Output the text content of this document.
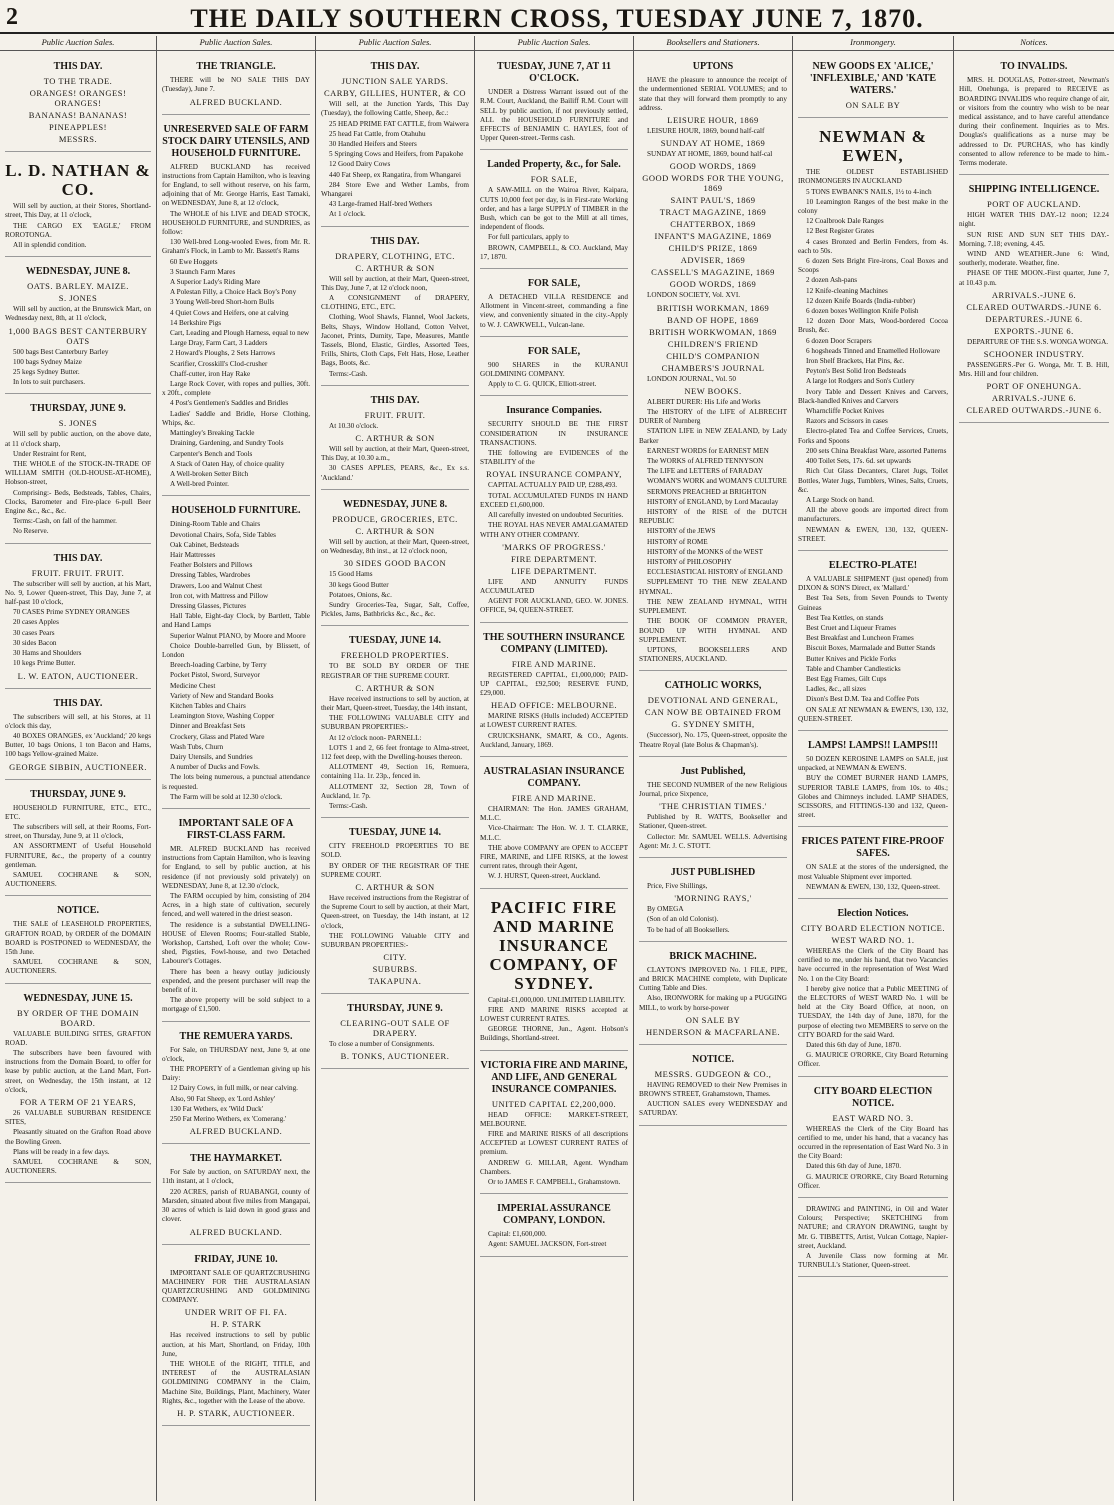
2	THE DAILY SOUTHERN CROSS, TUESDAY JUNE 7, 1870.
Public Auction Sales.
THIS DAY.
TO THE TRADE.
ORANGES! ORANGES! ORANGES!
BANANAS! BANANAS!
PINEAPPLES!
MESSRS.
L. D. NATHAN & CO.
Will sell by auction, at their Stores, Shortland-street, This Day, at 11 o'clock,
THE CARGO EX 'EAGLE,' FROM ROROTONGA.
All in splendid condition.
WEDNESDAY, JUNE 8.
OATS. BARLEY. MAIZE.
S. JONES
Will sell by auction, at the Brunswick Mart, on Wednesday next, 8th, at 11 o'clock,
1,000 BAGS BEST CANTERBURY OATS
500 bags Best Canterbury Barley
100 bags Sydney Maize
25 kegs Sydney Butter.
In lots to suit purchasers.
THURSDAY, JUNE 9.
S. JONES
Will sell by public auction, on the above date, at 11 o'clock sharp,
Under Restraint for Rent,
THE WHOLE of the STOCK-IN-TRADE OF WILLIAM SMITH (OLD-HOUSE-AT-HOME), Hobson-street,
Comprising:- Beds, Bedsteads, Tables, Chairs, Clocks, Barometer and Fire-place 6-pull Beer Engine &c., &c., &c.
Terms:-Cash, on fall of the hammer.
No Reserve.
THIS DAY.
FRUIT. FRUIT. FRUIT.
The subscriber will sell by auction, at his Mart, No. 9, Lower Queen-street, This Day, June 7, at half-past 10 o'clock,
70 CASES Prime SYDNEY ORANGES
20 cases Apples
30 cases Pears
30 sides Bacon
30 Hams and Shoulders
10 kegs Prime Butter.
L. W. EATON, AUCTIONEER.
THIS DAY.
The subscribers will sell, at his Stores, at 11 o'clock this day,
40 BOXES ORANGES, ex 'Auckland;' 20 kegs Butter, 10 bags Onions, 1 ton Bacon and Hams, 100 bags Yellow-grained Maize.
GEORGE SIBBIN, AUCTIONEER.
THURSDAY, JUNE 9.
HOUSEHOLD FURNITURE, ETC., ETC., ETC.
The subscribers will sell, at their Rooms, Fort-street, on Thursday, June 9, at 11 o'clock,
AN ASSORTMENT of Useful Household FURNITURE, &c., the property of a country gentleman.
SAMUEL COCHRANE & SON, AUCTIONEERS.
NOTICE.
THE SALE of LEASEHOLD PROPERTIES, GRAFTON ROAD, by ORDER of the DOMAIN BOARD is POSTPONED to WEDNESDAY, the 15th June.
SAMUEL COCHRANE & SON, AUCTIONEERS.
WEDNESDAY, JUNE 15.
BY ORDER OF THE DOMAIN BOARD.
VALUABLE BUILDING SITES, GRAFTON ROAD.
The subscribers have been favoured with instructions from the Domain Board, to offer for lease by public auction, at the Land Mart, Fort-street, on Wednesday, the 15th instant, at 12 o'clock,
FOR A TERM OF 21 YEARS,
26 VALUABLE SUBURBAN RESIDENCE SITES,
Pleasantly situated on the Grafton Road above the Bowling Green.
Plans will be ready in a few days.
SAMUEL COCHRANE & SON, AUCTIONEERS.
Public Auction Sales.
THE TRIANGLE.
THERE will be NO SALE THIS DAY (Tuesday), June 7.
ALFRED BUCKLAND.
UNRESERVED SALE OF FARM STOCK DAIRY UTENSILS, AND HOUSEHOLD FURNITURE.
ALFRED BUCKLAND has received instructions from Captain Hamilton, who is leaving for England, to sell without reserve, on his farm, adjoining that of Mr. George Harris, East Tamaki, on WEDNESDAY, June 8, at 12 o'clock,
The WHOLE of his LIVE and DEAD STOCK, HOUSEHOLD FURNITURE, and SUNDRIES, as follow:
130 Well-bred Long-wooled Ewes, from Mr. R. Graham's Flock, in Lamb to Mr. Bassett's Rams
60 Ewe Hoggets
3 Staunch Farm Mares
A Superior Lady's Riding Mare
A Polestan Filly, a Choice Hack Boy's Pony
3 Young Well-bred Short-horn Bulls
4 Quiet Cows and Heifers, one at calving
14 Berkshire Pigs
Cart, Leading and Plough Harness, equal to new
Large Dray, Farm Cart, 3 Ladders
2 Howard's Ploughs, 2 Sets Harrows
Scarifier, Crosskill's Clod-crusher
Chaff-cutter, iron Hay Rake
Large Rock Cover, with ropes and pullies, 30ft. x 20ft., complete
4 Post's Gentlemen's Saddles and Bridles
Ladies' Saddle and Bridle, Horse Clothing, Whips, &c.
Mattingley's Breaking Tackle
Draining, Gardening, and Sundry Tools
Carpenter's Bench and Tools
A Stack of Oaten Hay, of choice quality
A Well-broken Setter Bitch
A Well-bred Pointer.
HOUSEHOLD FURNITURE.
Dining-Room Table and Chairs
Devotional Chairs, Sofa, Side Tables
Oak Cabinet, Bedsteads
Hair Mattresses
Feather Bolsters and Pillows
Dressing Tables, Wardrobes
Drawers, Loo and Walnut Chest
Iron cot, with Mattress and Pillow
Dressing Glasses, Pictures
Hall Table, Eight-day Clock, by Bartlett, Table and Hand Lamps
Superior Walnut PIANO, by Moore and Moore
Choice Double-barrelled Gun, by Blissett, of London
Breech-loading Carbine, by Terry
Pocket Pistol, Sword, Surveyor
Medicine Chest
Variety of New and Standard Books
Kitchen Tables and Chairs
Leamington Stove, Washing Copper
Dinner and Breakfast Sets
Crockery, Glass and Plated Ware
Wash Tubs, Churn
Dairy Utensils, and Sundries
A number of Ducks and Fowls.
The lots being numerous, a punctual attendance is requested.
The Farm will be sold at 12.30 o'clock.
IMPORTANT SALE OF A FIRST-CLASS FARM.
MR. ALFRED BUCKLAND has received instructions from Captain Hamilton, who is leaving for England, to sell by public auction, at his residence (if not previously sold privately) on WEDNESDAY, June 8, at 12.30 o'clock,
The FARM occupied by him, consisting of 204 Acres, in a high state of cultivation, securely fenced, and well watered in the driest season.
The residence is a substantial DWELLING-HOUSE of Eleven Rooms; Four-stalled Stable, Workshop, Cartshed, Loft over the whole; Cow-shed, Pigsties, Fowl-house, and two Detached Labourer's Cottages.
There has been a heavy outlay judiciously expended, and the present purchaser will reap the benefit of it.
The above property will be sold subject to a mortgage of £1,500.
THE REMUERA YARDS.
For Sale, on THURSDAY next, June 9, at one o'clock,
THE PROPERTY of a Gentleman giving up his Dairy:
12 Dairy Cows, in full milk, or near calving.
Also, 90 Fat Sheep, ex 'Lord Ashley'
130 Fat Wethers, ex 'Wild Duck'
250 Fat Merino Wethers, ex 'Comerang.'
ALFRED BUCKLAND.
THE HAYMARKET.
For Sale by auction, on SATURDAY next, the 11th instant, at 1 o'clock,
220 ACRES, parish of RUABANGI, county of Marsden, situated about five miles from Mangapai, 30 acres of which is laid down in good grass and clover.
ALFRED BUCKLAND.
FRIDAY, JUNE 10.
IMPORTANT SALE OF QUARTZCRUSHING MACHINERY FOR THE AUSTRALASIAN QUARTZCRUSHING AND GOLDMINING COMPANY.
UNDER WRIT OF FI. FA.
H. P. STARK
Has received instructions to sell by public auction, at his Mart, Shortland, on Friday, 10th June,
THE WHOLE of the RIGHT, TITLE, and INTEREST of the AUSTRALASIAN GOLDMINING COMPANY in the Claim, Machine Site, Buildings, Plant, Machinery, Water Rights, &c., together with the Lease of the above.
H. P. STARK, AUCTIONEER.
Public Auction Sales.
THIS DAY.
JUNCTION SALE YARDS.
CARBY, GILLIES, HUNTER, & CO
Will sell, at the Junction Yards, This Day (Tuesday), the following Cattle, Sheep, &c.:
25 HEAD PRIME FAT CATTLE, from Waiwera
25 head Fat Cattle, from Otahuhu
30 Handled Heifers and Steers
5 Springing Cows and Heifers, from Papakohe
12 Good Dairy Cows
440 Fat Sheep, ex Rangatira, from Whangarei
284 Store Ewe and Wether Lambs, from Whangarei
43 Large-framed Half-bred Wethers
At 1 o'clock.
THIS DAY.
DRAPERY, CLOTHING, ETC.
C. ARTHUR & SON
Will sell by auction, at their Mart, Queen-street, This Day, June 7, at 12 o'clock noon,
A CONSIGNMENT of DRAPERY, CLOTHING, ETC., ETC.
Clothing, Wool Shawls, Flannel, Wool Jackets, Belts, Shays, Window Holland, Cotton Velvet, Jaconet, Prints, Dumity, Tape, Measures, Mantle Tassels, Blond, Elastic, Girdles, Assorted Tees, Frills, Shirts, Cloth Caps, Felt Hats, Hose, Leather Bags, Boots, &c.
Terms:-Cash.
THIS DAY.
FRUIT. FRUIT.
At 10.30 o'clock.
C. ARTHUR & SON
Will sell by auction, at their Mart, Queen-street, This Day, at 10.30 a.m.,
30 CASES APPLES, PEARS, &c., Ex s.s. 'Auckland.'
WEDNESDAY, JUNE 8.
PRODUCE, GROCERIES, ETC.
C. ARTHUR & SON
Will sell by auction, at their Mart, Queen-street, on Wednesday, 8th inst., at 12 o'clock noon,
30 SIDES GOOD BACON
15 Good Hams
30 kegs Good Butter
Potatoes, Onions, &c.
Sundry Groceries-Tea, Sugar, Salt, Coffee, Pickles, Jams, Bathbricks &c., &c., &c.
TUESDAY, JUNE 14.
FREEHOLD PROPERTIES.
TO BE SOLD BY ORDER OF THE REGISTRAR OF THE SUPREME COURT.
C. ARTHUR & SON
Have received instructions to sell by auction, at their Mart, Queen-street, Tuesday, the 14th instant,
THE FOLLOWING VALUABLE CITY and SUBURBAN PROPERTIES:-
At 12 o'clock noon- PARNELL:
LOTS 1 and 2, 66 feet frontage to Alma-street, 112 feet deep, with the Dwelling-houses thereon.
ALLOTMENT 49, Section 16, Remuera, containing 11a. 1r. 23p., fenced in.
ALLOTMENT 32, Section 28, Town of Auckland, 1r. 7p.
Terms:-Cash.
TUESDAY, JUNE 14.
CITY FREEHOLD PROPERTIES TO BE SOLD.
BY ORDER OF THE REGISTRAR OF THE SUPREME COURT.
C. ARTHUR & SON
Have received instructions from the Registrar of the Supreme Court to sell by auction, at their Mart, Queen-street, on Tuesday, the 14th instant, at 12 o'clock,
THE FOLLOWING Valuable CITY and SUBURBAN PROPERTIES:-
CITY.
SUBURBS.
TAKAPUNA.
THURSDAY, JUNE 9.
CLEARING-OUT SALE OF DRAPERY.
To close a number of Consignments.
B. TONKS, AUCTIONEER.
Public Auction Sales.
TUESDAY, JUNE 7, AT 11 O'CLOCK.
UNDER a Distress Warrant issued out of the R.M. Court, Auckland, the Bailiff R.M. Court will SELL by public auction, if not previously settled, ALL the HOUSEHOLD FURNITURE and EFFECTS of BENJAMIN C. HAYLES, foot of Upper Queen-street.-Terms cash.
Landed Property, &c., for Sale.
FOR SALE,
A SAW-MILL on the Wairoa River, Kaipara, CUTS 10,000 feet per day, is in First-rate Working order, and has a large SUPPLY of TIMBER in the Bush, which can be got to the Mill at all times, independent of floods.
For full particulars, apply to
BROWN, CAMPBELL, & CO. Auckland, May 17, 1870.
FOR SALE,
A DETACHED VILLA RESIDENCE and Allotment in Vincent-street, commanding a fine view, and conveniently situated in the city.-Apply to W. J. CAWKWELL, Vulcan-lane.
FOR SALE,
900 SHARES in the KURANUI GOLDMINING COMPANY.
Apply to C. G. QUICK, Elliott-street.
Insurance Companies.
SECURITY SHOULD BE THE FIRST CONSIDERATION IN INSURANCE TRANSACTIONS.
THE following are EVIDENCES of the STABILITY of the
ROYAL INSURANCE COMPANY,
CAPITAL ACTUALLY PAID UP, £288,493.
TOTAL ACCUMULATED FUNDS IN HAND EXCEED £1,600,000.
All carefully invested on undoubted Securities.
THE ROYAL HAS NEVER AMALGAMATED WITH ANY OTHER COMPANY.
'MARKS OF PROGRESS.'
FIRE DEPARTMENT.
LIFE DEPARTMENT.
LIFE AND ANNUITY FUNDS ACCUMULATED
AGENT FOR AUCKLAND, GEO. W. JONES. OFFICE, 94, QUEEN-STREET.
THE SOUTHERN INSURANCE COMPANY (LIMITED).
FIRE AND MARINE.
REGISTERED CAPITAL, £1,000,000; PAID-UP CAPITAL, £92,500; RESERVE FUND, £29,000.
HEAD OFFICE: MELBOURNE.
MARINE RISKS (Hulls included) ACCEPTED at LOWEST CURRENT RATES.
CRUICKSHANK, SMART, & CO., Agents. Auckland, January, 1869.
AUSTRALASIAN INSURANCE COMPANY.
FIRE AND MARINE.
CHAIRMAN: The Hon. JAMES GRAHAM, M.L.C.
Vice-Chairman: The Hon. W. J. T. CLARKE, M.L.C.
THE above COMPANY are OPEN to ACCEPT FIRE, MARINE, and LIFE RISKS, at the lowest current rates, through their Agent,
W. J. HURST, Queen-street, Auckland.
PACIFIC FIRE AND MARINE INSURANCE COMPANY, OF SYDNEY.
Capital-£1,000,000. UNLIMITED LIABILITY.
FIRE AND MARINE RISKS accepted at LOWEST CURRENT RATES.
GEORGE THORNE, Jun., Agent. Hobson's Buildings, Shortland-street.
VICTORIA FIRE AND MARINE, AND LIFE, AND GENERAL INSURANCE COMPANIES.
UNITED CAPITAL £2,200,000.
HEAD OFFICE: MARKET-STREET, MELBOURNE.
FIRE and MARINE RISKS of all descriptions ACCEPTED at LOWEST CURRENT RATES of premium.
ANDREW G. MILLAR, Agent. Wyndham Chambers.
Or to JAMES F. CAMPBELL, Grahamstown.
IMPERIAL ASSURANCE COMPANY, LONDON.
Capital: £1,600,000.
Agent: SAMUEL JACKSON, Fort-street
Booksellers and Stationers.
UPTONS
HAVE the pleasure to announce the receipt of the undermentioned SERIAL VOLUMES; and to state that they will forward them promptly to any address.
LEISURE HOUR, 1869
LEISURE HOUR, 1869, bound half-calf
SUNDAY AT HOME, 1869
SUNDAY AT HOME, 1869, bound half-cal
GOOD WORDS, 1869
GOOD WORDS FOR THE YOUNG, 1869
SAINT PAUL'S, 1869
TRACT MAGAZINE, 1869
CHATTERBOX, 1869
INFANT'S MAGAZINE, 1869
CHILD'S PRIZE, 1869
ADVISER, 1869
CASSELL'S MAGAZINE, 1869
GOOD WORDS, 1869
LONDON SOCIETY, Vol. XVI.
BRITISH WORKMAN, 1869
BAND OF HOPE, 1869
BRITISH WORKWOMAN, 1869
CHILDREN'S FRIEND
CHILD'S COMPANION
CHAMBERS'S JOURNAL
LONDON JOURNAL, Vol. 50
NEW BOOKS.
ALBERT DURER: His Life and Works
The HISTORY of the LIFE of ALBRECHT DURER of Nurnberg
STATION LIFE in NEW ZEALAND, by Lady Barker
EARNEST WORDS for EARNEST MEN
The WORKS of ALFRED TENNYSON
The LIFE and LETTERS of FARADAY
WOMAN'S WORK and WOMAN'S CULTURE
SERMONS PREACHED at BRIGHTON
HISTORY of ENGLAND, by Lord Macaulay
HISTORY of the RISE of the DUTCH REPUBLIC
HISTORY of the JEWS
HISTORY of ROME
HISTORY of the MONKS of the WEST
HISTORY of PHILOSOPHY
ECCLESIASTICAL HISTORY of ENGLAND
SUPPLEMENT TO THE NEW ZEALAND HYMNAL.
THE NEW ZEALAND HYMNAL, WITH SUPPLEMENT.
THE BOOK OF COMMON PRAYER, BOUND UP WITH HYMNAL AND SUPPLEMENT.
UPTONS, BOOKSELLERS AND STATIONERS, AUCKLAND.
CATHOLIC WORKS,
DEVOTIONAL AND GENERAL,
CAN NOW BE OBTAINED FROM
G. SYDNEY SMITH,
(Successor), No. 175, Queen-street, opposite the Theatre Royal (late Bolus & Chapman's).
Just Published,
THE SECOND NUMBER of the new Religious Journal, price Sixpence,
'THE CHRISTIAN TIMES.'
Published by R. WATTS, Bookseller and Stationer, Queen-street.
Collector: Mr. SAMUEL WELLS. Advertising Agent: Mr. J. C. STOTT.
JUST PUBLISHED
Price, Five Shillings,
'MORNING RAYS,'
By OMEGA
(Son of an old Colonist).
To be had of all Booksellers.
BRICK MACHINE.
CLAYTON'S IMPROVED No. 1 FILE, PIPE, and BRICK MACHINE complete, with Duplicate Cutting Table and Dies.
Also, IRONWORK for making up a PUGGING MILL, to work by horse-power
ON SALE BY
HENDERSON & MACFARLANE.
NOTICE.
MESSRS. GUDGEON & CO.,
HAVING REMOVED to their New Premises in BROWN'S STREET, Grahamstown, Thames.
AUCTION SALES every WEDNESDAY and SATURDAY.
Ironmongery.
NEW GOODS EX 'ALICE,' 'INFLEXIBLE,' AND 'KATE WATERS.'
ON SALE BY
NEWMAN & EWEN,
THE OLDEST ESTABLISHED IRONMONGERS IN AUCKLAND
5 TONS EWBANK'S NAILS, 1½ to 4-inch
10 Leamington Ranges of the best make in the colony
12 Coalbrook Dale Ranges
12 Best Register Grates
4 cases Bronzed and Berlin Fenders, from 4s. each to 50s.
6 dozen Sets Bright Fire-irons, Coal Boxes and Scoops
2 dozen Ash-pans
12 Knife-cleaning Machines
12 dozen Knife Boards (India-rubber)
6 dozen boxes Wellington Knife Polish
12 dozen Door Mats, Wood-bordered Cocoa Brush, &c.
6 dozen Door Scrapers
6 hogsheads Tinned and Enamelled Holloware
Iron Shelf Brackets, Hat Pins, &c.
Peyton's Best Solid Iron Bedsteads
A large lot Rodgers and Son's Cutlery
Ivory Table and Dessert Knives and Carvers, Black-handled Knives and Carvers
Wharncliffe Pocket Knives
Razors and Scissors in cases
Electro-plated Tea and Coffee Services, Cruets, Forks and Spoons
200 sets China Breakfast Ware, assorted Patterns
400 Toilet Sets, 17s. 6d. set upwards
Rich Cut Glass Decanters, Claret Jugs, Toilet Bottles, Water Jugs, Tumblers, Wines, Salts, Cruets, &c.
A Large Stock on hand.
All the above goods are imported direct from manufacturers.
NEWMAN & EWEN, 130, 132, QUEEN-STREET.
ELECTRO-PLATE!
A VALUABLE SHIPMENT (just opened) from DIXON & SON'S Direct, ex 'Mallard.'
Best Tea Sets, from Seven Pounds to Twenty Guineas
Best Tea Kettles, on stands
Best Cruet and Liqueur Frames
Best Breakfast and Luncheon Frames
Biscuit Boxes, Marmalade and Butter Stands
Butter Knives and Pickle Forks
Table and Chamber Candlesticks
Best Egg Frames, Gilt Cups
Ladles, &c., all sizes
Dixon's Best D.M. Tea and Coffee Pots
ON SALE AT NEWMAN & EWEN'S, 130, 132, QUEEN-STREET.
LAMPS! LAMPS!! LAMPS!!!
50 DOZEN KEROSINE LAMPS on SALE, just unpacked, at NEWMAN & EWEN'S.
BUY the COMET BURNER HAND LAMPS, SUPERIOR TABLE LAMPS, from 10s. to 40s.; Globes and Chimneys included. LAMP SHADES, SCISSORS, and FITTINGS-130 and 132, Queen-street.
FRICES PATENT FIRE-PROOF SAFES.
ON SALE at the stores of the undersigned, the most Valuable Shipment ever imported.
NEWMAN & EWEN, 130, 132, Queen-street.
Election Notices.
CITY BOARD ELECTION NOTICE.
WEST WARD NO. 1.
WHEREAS the Clerk of the City Board has certified to me, under his hand, that two Vacancies have occurred in the representation of West Ward No. 1 on the City Board:
I hereby give notice that a Public MEETING of the ELECTORS of WEST WARD No. 1 will be held at the City Board Office, at noon, on TUESDAY, the 14th day of June, 1870, for the purpose of electing two MEMBERS to serve on the CITY BOARD for the said Ward.
Dated this 6th day of June, 1870.
G. MAURICE O'RORKE, City Board Returning Officer.
CITY BOARD ELECTION NOTICE.
EAST WARD NO. 3.
WHEREAS the Clerk of the City Board has certified to me, under his hand, that a vacancy has occurred in the representation of East Ward No. 3 in the City Board:
Dated this 6th day of June, 1870.
G. MAURICE O'RORKE, City Board Returning Officer.
DRAWING and PAINTING, in Oil and Water Colours; Perspective; SKETCHING from NATURE; and CRAYON DRAWING, taught by Mr. G. TIBBETTS, Artist, Vulcan Cottage, Napier-street, Auckland.
A Juvenile Class now forming at Mr. TURNBULL's Stationer, Queen-street.
Notices.
TO INVALIDS.
MRS. H. DOUGLAS, Potter-street, Newman's Hill, Onehunga, is prepared to RECEIVE as BOARDING INVALIDS who require change of air, or visitors from the country who wish to be near medical assistance, and to have careful attendance during their confinement. Inquiries as to Mrs. Douglas's qualifications as a nurse may be addressed to Dr. PURCHAS, who has kindly consented to allow reference to be made to him.-Terms moderate.
SHIPPING INTELLIGENCE.
PORT OF AUCKLAND.
HIGH WATER THIS DAY.-12 noon; 12.24 night.
SUN RISE AND SUN SET THIS DAY.-Morning, 7.18; evening, 4.45.
WIND AND WEATHER.-June 6: Wind, southerly, moderate. Weather, fine.
PHASE OF THE MOON.-First quarter, June 7, at 10.43 p.m.
ARRIVALS.-JUNE 6.
CLEARED OUTWARDS.-JUNE 6.
DEPARTURES.-JUNE 6.
EXPORTS.-JUNE 6.
DEPARTURE OF THE S.S. WONGA WONGA.
SCHOONER INDUSTRY.
PASSENGERS.-Per G. Wonga, Mr. T. B. Hill, Mrs. Hill and four children.
PORT OF ONEHUNGA.
ARRIVALS.-JUNE 6.
CLEARED OUTWARDS.-JUNE 6.
